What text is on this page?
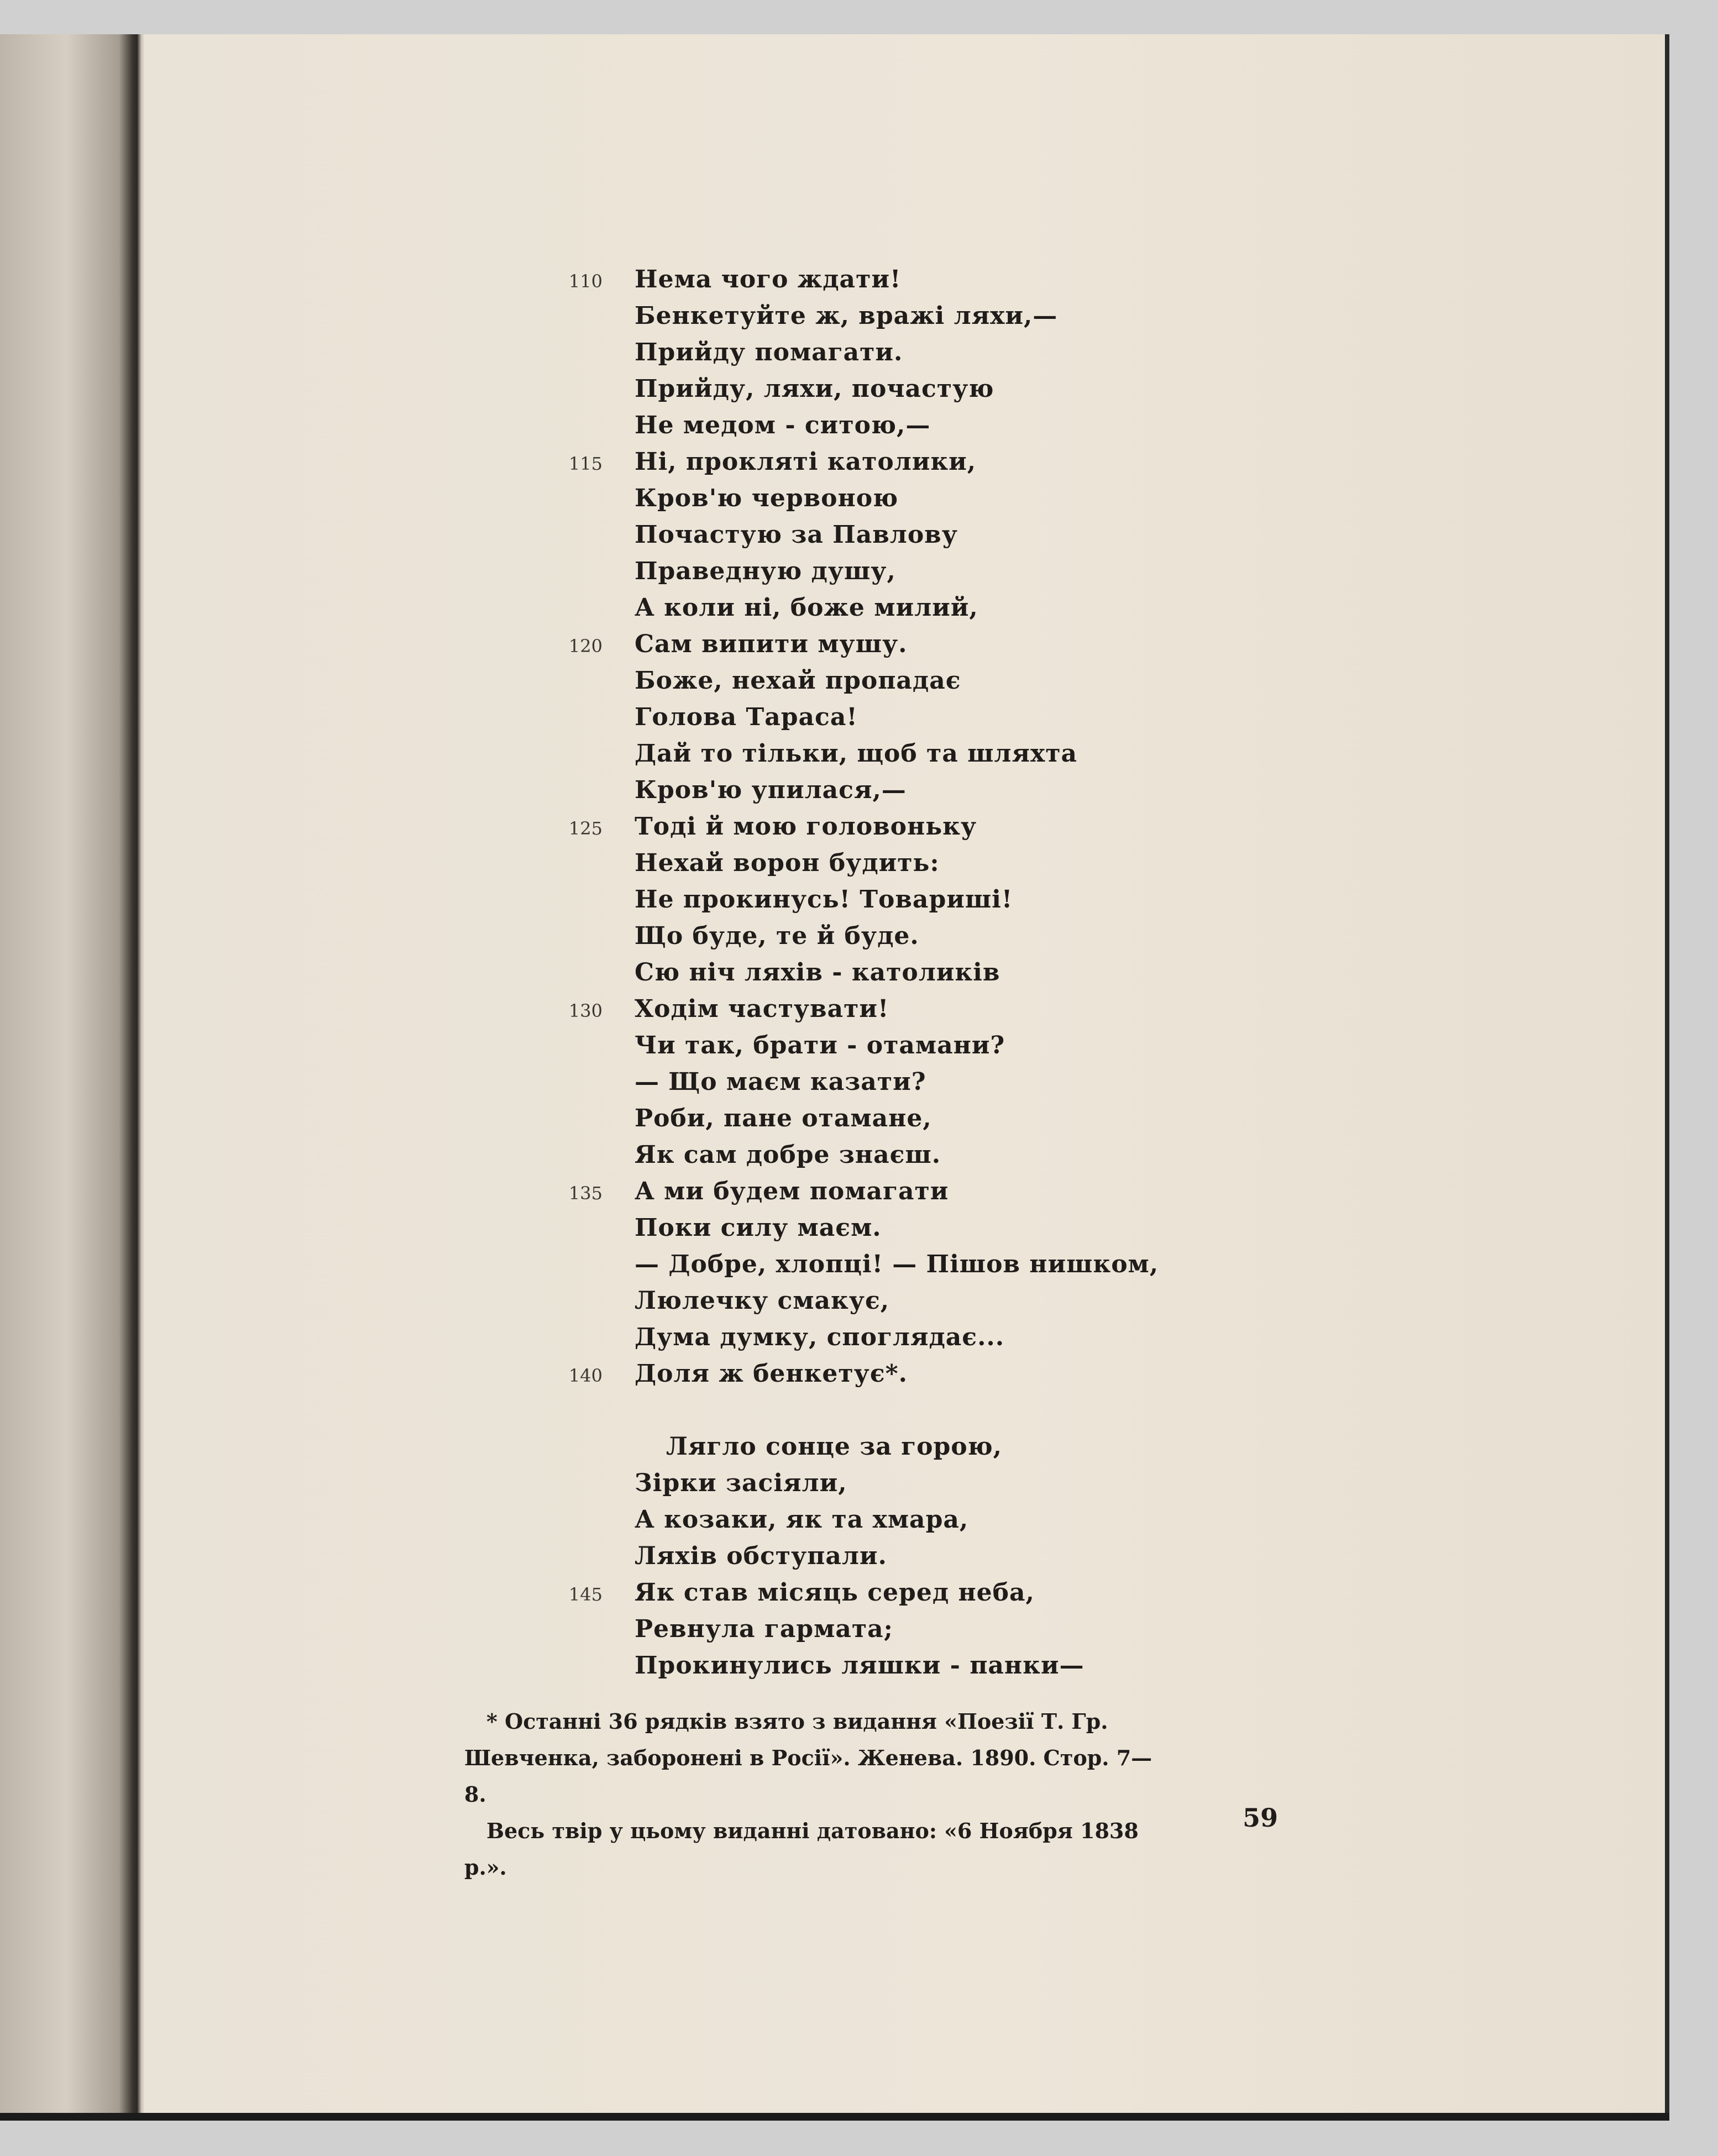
110 Нема чого ждати!
Бенкетуйте ж, вражі ляхи,—
Прийду помагати.
Прийду, ляхи, почастую
Не медом - ситою,—
115 Ні, прокляті католики,
Кров'ю червоною
Почастую за Павлову
Праведную душу,
А коли ні, боже милий,
120 Сам випити мушу.
Боже, нехай пропадає
Голова Тараса!
Дай то тільки, щоб та шляхта
Кров'ю упилася,—
125 Тоді й мою головоньку
Нехай ворон будить:
Не прокинусь! Товариші!
Що буде, те й буде.
Сю ніч ляхів - католиків
130 Ходім частувати!
Чи так, брати - отамани?
— Що маєм казати?
Роби, пане отамане,
Як сам добре знаєш.
135 А ми будем помагати
Поки силу маєм.
— Добре, хлопці! — Пішов нишком,
Люлечку смакує,
Дума думку, споглядає...
140 Доля ж бенкетує*.
Лягло сонце за горою,
Зірки засіяли,
А козаки, як та хмара,
Ляхів обступали.
145 Як став місяць серед неба,
Ревнула гармата;
Прокинулись ляшки - панки—
* Останні 36 рядків взято з видання «Поезії Т. Гр. Шевченка, заборонені в Росії». Женева. 1890. Стор. 7—8.
Весь твір у цьому виданні датовано: «6 Ноября 1838 р.».
59
